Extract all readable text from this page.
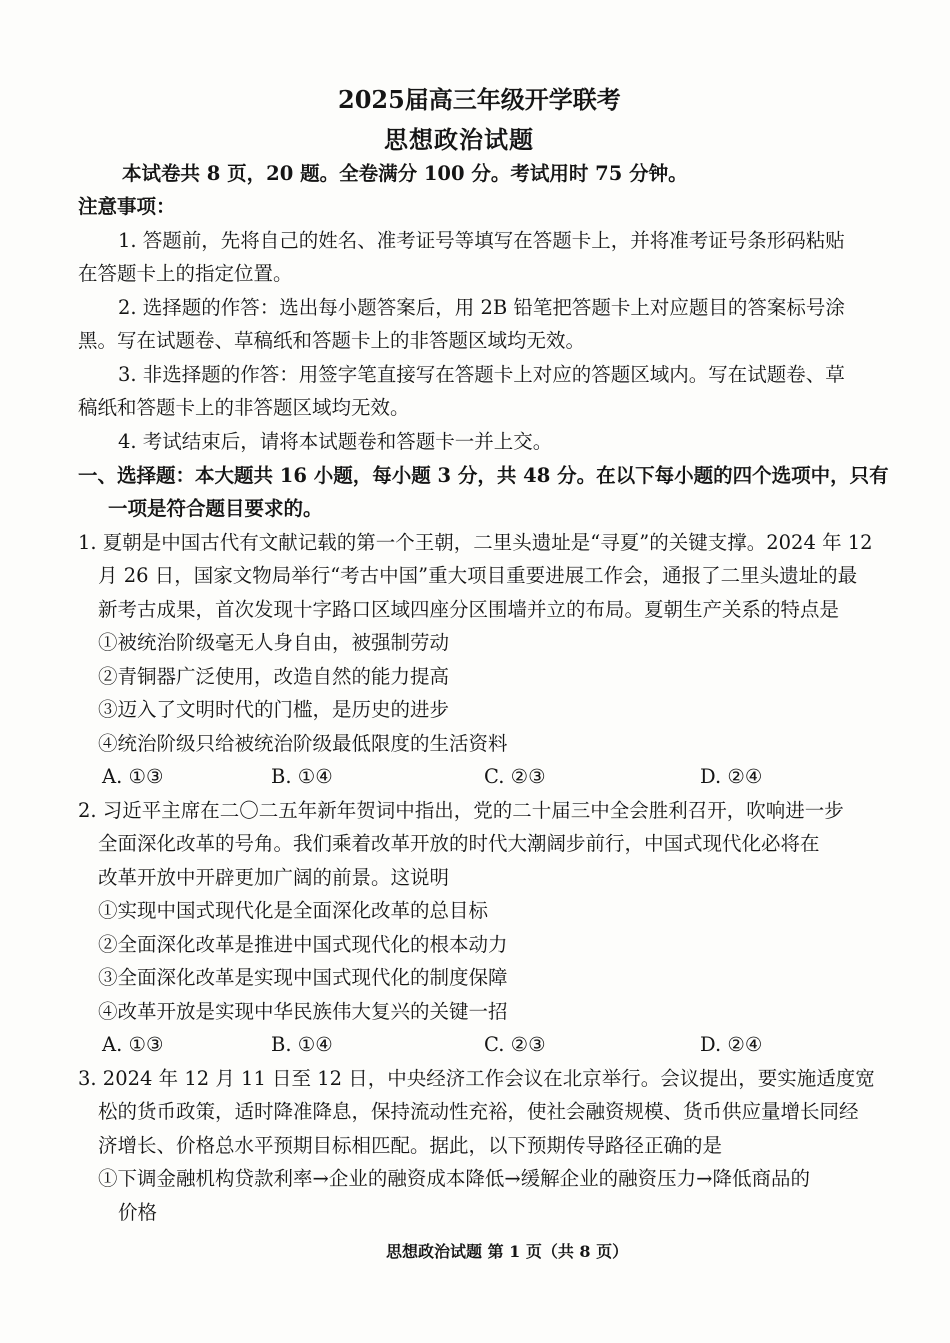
2025届高三年级开学联考
思想政治试题
本试卷共 8 页，20 题。全卷满分 100 分。考试用时 75 分钟。
注意事项：
1. 答题前，先将自己的姓名、准考证号等填写在答题卡上，并将准考证号条形码粘贴
在答题卡上的指定位置。
2. 选择题的作答：选出每小题答案后，用 2B 铅笔把答题卡上对应题目的答案标号涂
黑。写在试题卷、草稿纸和答题卡上的非答题区域均无效。
3. 非选择题的作答：用签字笔直接写在答题卡上对应的答题区域内。写在试题卷、草
稿纸和答题卡上的非答题区域均无效。
4. 考试结束后，请将本试题卷和答题卡一并上交。
一、选择题：本大题共 16 小题，每小题 3 分，共 48 分。在以下每小题的四个选项中，只有
一项是符合题目要求的。
1. 夏朝是中国古代有文献记载的第一个王朝，二里头遗址是“寻夏”的关键支撑。2024 年 12
月 26 日，国家文物局举行“考古中国”重大项目重要进展工作会，通报了二里头遗址的最
新考古成果，首次发现十字路口区域四座分区围墙并立的布局。夏朝生产关系的特点是
①被统治阶级毫无人身自由，被强制劳动
②青铜器广泛使用，改造自然的能力提高
③迈入了文明时代的门槛，是历史的进步
④统治阶级只给被统治阶级最低限度的生活资料
A. ①③	B. ①④	C. ②③	D. ②④
2. 习近平主席在二〇二五年新年贺词中指出，党的二十届三中全会胜利召开，吹响进一步
全面深化改革的号角。我们乘着改革开放的时代大潮阔步前行，中国式现代化必将在
改革开放中开辟更加广阔的前景。这说明
①实现中国式现代化是全面深化改革的总目标
②全面深化改革是推进中国式现代化的根本动力
③全面深化改革是实现中国式现代化的制度保障
④改革开放是实现中华民族伟大复兴的关键一招
A. ①③	B. ①④	C. ②③	D. ②④
3. 2024 年 12 月 11 日至 12 日，中央经济工作会议在北京举行。会议提出，要实施适度宽
松的货币政策，适时降准降息，保持流动性充裕，使社会融资规模、货币供应量增长同经
济增长、价格总水平预期目标相匹配。据此，以下预期传导路径正确的是
①下调金融机构贷款利率→企业的融资成本降低→缓解企业的融资压力→降低商品的
价格
思想政治试题 第 1 页（共 8 页）
